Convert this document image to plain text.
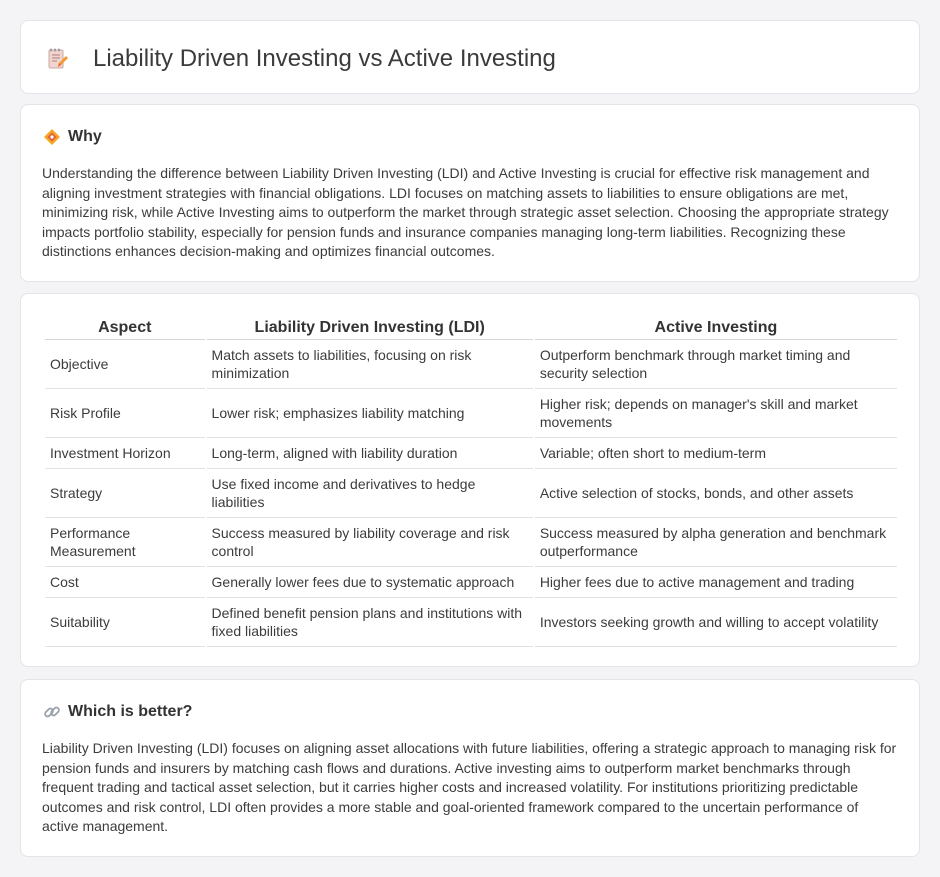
Liability Driven Investing vs Active Investing
Why

Understanding the difference between Liability Driven Investing (LDI) and Active Investing is crucial for effective risk management and aligning investment strategies with financial obligations. LDI focuses on matching assets to liabilities to ensure obligations are met, minimizing risk, while Active Investing aims to outperform the market through strategic asset selection. Choosing the appropriate strategy impacts portfolio stability, especially for pension funds and insurance companies managing long-term liabilities. Recognizing these distinctions enhances decision-making and optimizes financial outcomes.

Aspect	Liability Driven Investing (LDI)	Active Investing
Objective	Match assets to liabilities, focusing on risk minimization	Outperform benchmark through market timing and security selection
Risk Profile	Lower risk; emphasizes liability matching	Higher risk; depends on manager's skill and market movements
Investment Horizon	Long-term, aligned with liability duration	Variable; often short to medium-term
Strategy	Use fixed income and derivatives to hedge liabilities	Active selection of stocks, bonds, and other assets
Performance Measurement	Success measured by liability coverage and risk control	Success measured by alpha generation and benchmark outperformance
Cost	Generally lower fees due to systematic approach	Higher fees due to active management and trading
Suitability	Defined benefit pension plans and institutions with fixed liabilities	Investors seeking growth and willing to accept volatility
Which is better?

Liability Driven Investing (LDI) focuses on aligning asset allocations with future liabilities, offering a strategic approach to managing risk for pension funds and insurers by matching cash flows and durations. Active investing aims to outperform market benchmarks through frequent trading and tactical asset selection, but it carries higher costs and increased volatility. For institutions prioritizing predictable outcomes and risk control, LDI often provides a more stable and goal-oriented framework compared to the uncertain performance of active management.
